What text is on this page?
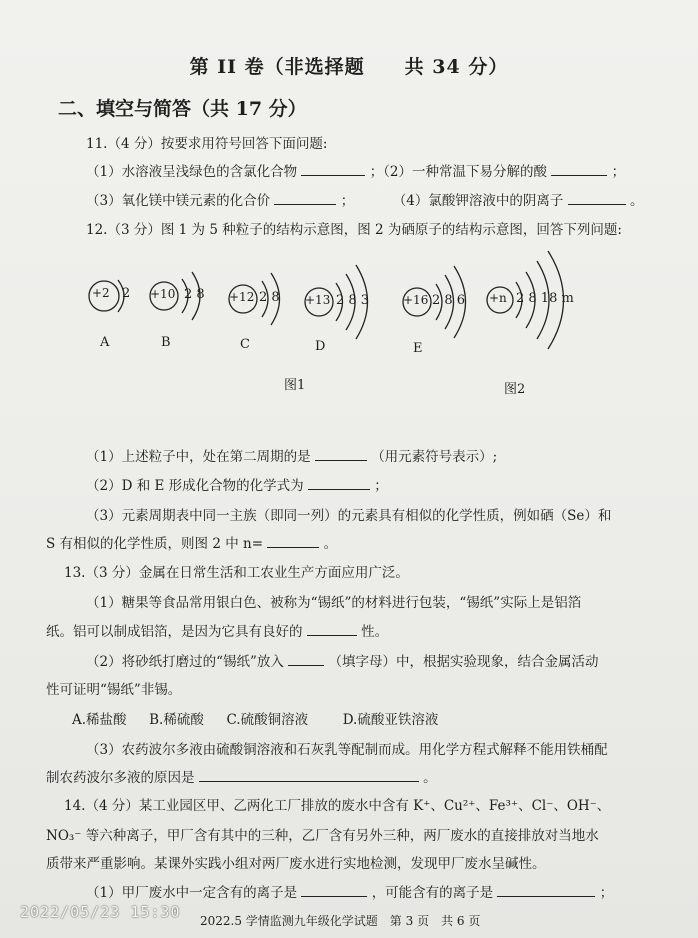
第 II 卷（非选择题　　共 34 分）
二、填空与简答（共 17 分）
11.（4 分）按要求用符号回答下面问题:
（1）水溶液呈浅绿色的含氯化合物	；（2）一种常温下易分解的酸	；
（3）氧化镁中镁元素的化合价	；	（4）氯酸钾溶液中的阴离子	。
12.（3 分）图 1 为 5 种粒子的结构示意图，图 2 为硒原子的结构示意图，回答下列问题:
+2 2
A
+10 2 8
B
+12 2 8
C
+13 2 8 3
D
+16 2 8 6
E
+n 2 8 18 m
图1	图2
（1）上述粒子中，处在第二周期的是	（用元素符号表示）;
（2）D 和 E 形成化合物的化学式为	；
（3）元素周期表中同一主族（即同一列）的元素具有相似的化学性质，例如硒（Se）和
S 有相似的化学性质，则图 2 中 n=	。
13.（3 分）金属在日常生活和工农业生产方面应用广泛。
（1）糖果等食品常用银白色、被称为“锡纸”的材料进行包装，“锡纸”实际上是铝箔
纸。铝可以制成铝箔，是因为它具有良好的	性。
（2）将砂纸打磨过的“锡纸”放入	（填字母）中，根据实验现象，结合金属活动
性可证明“锡纸”非锡。
A.稀盐酸 B.稀硫酸 C.硫酸铜溶液	D.硫酸亚铁溶液
（3）农药波尔多液由硫酸铜溶液和石灰乳等配制而成。用化学方程式解释不能用铁桶配
制农药波尔多液的原因是	。
14.（4 分）某工业园区甲、乙两化工厂排放的废水中含有 K⁺、Cu²⁺、Fe³⁺、Cl⁻、OH⁻、
NO₃⁻ 等六种离子，甲厂含有其中的三种，乙厂含有另外三种，两厂废水的直接排放对当地水
质带来严重影响。某课外实践小组对两厂废水进行实地检测，发现甲厂废水呈碱性。
（1）甲厂废水中一定含有的离子是	，可能含有的离子是	；
2022/05/23 15:30 2022.5 学情监测九年级化学试题　第 3 页　共 6 页
